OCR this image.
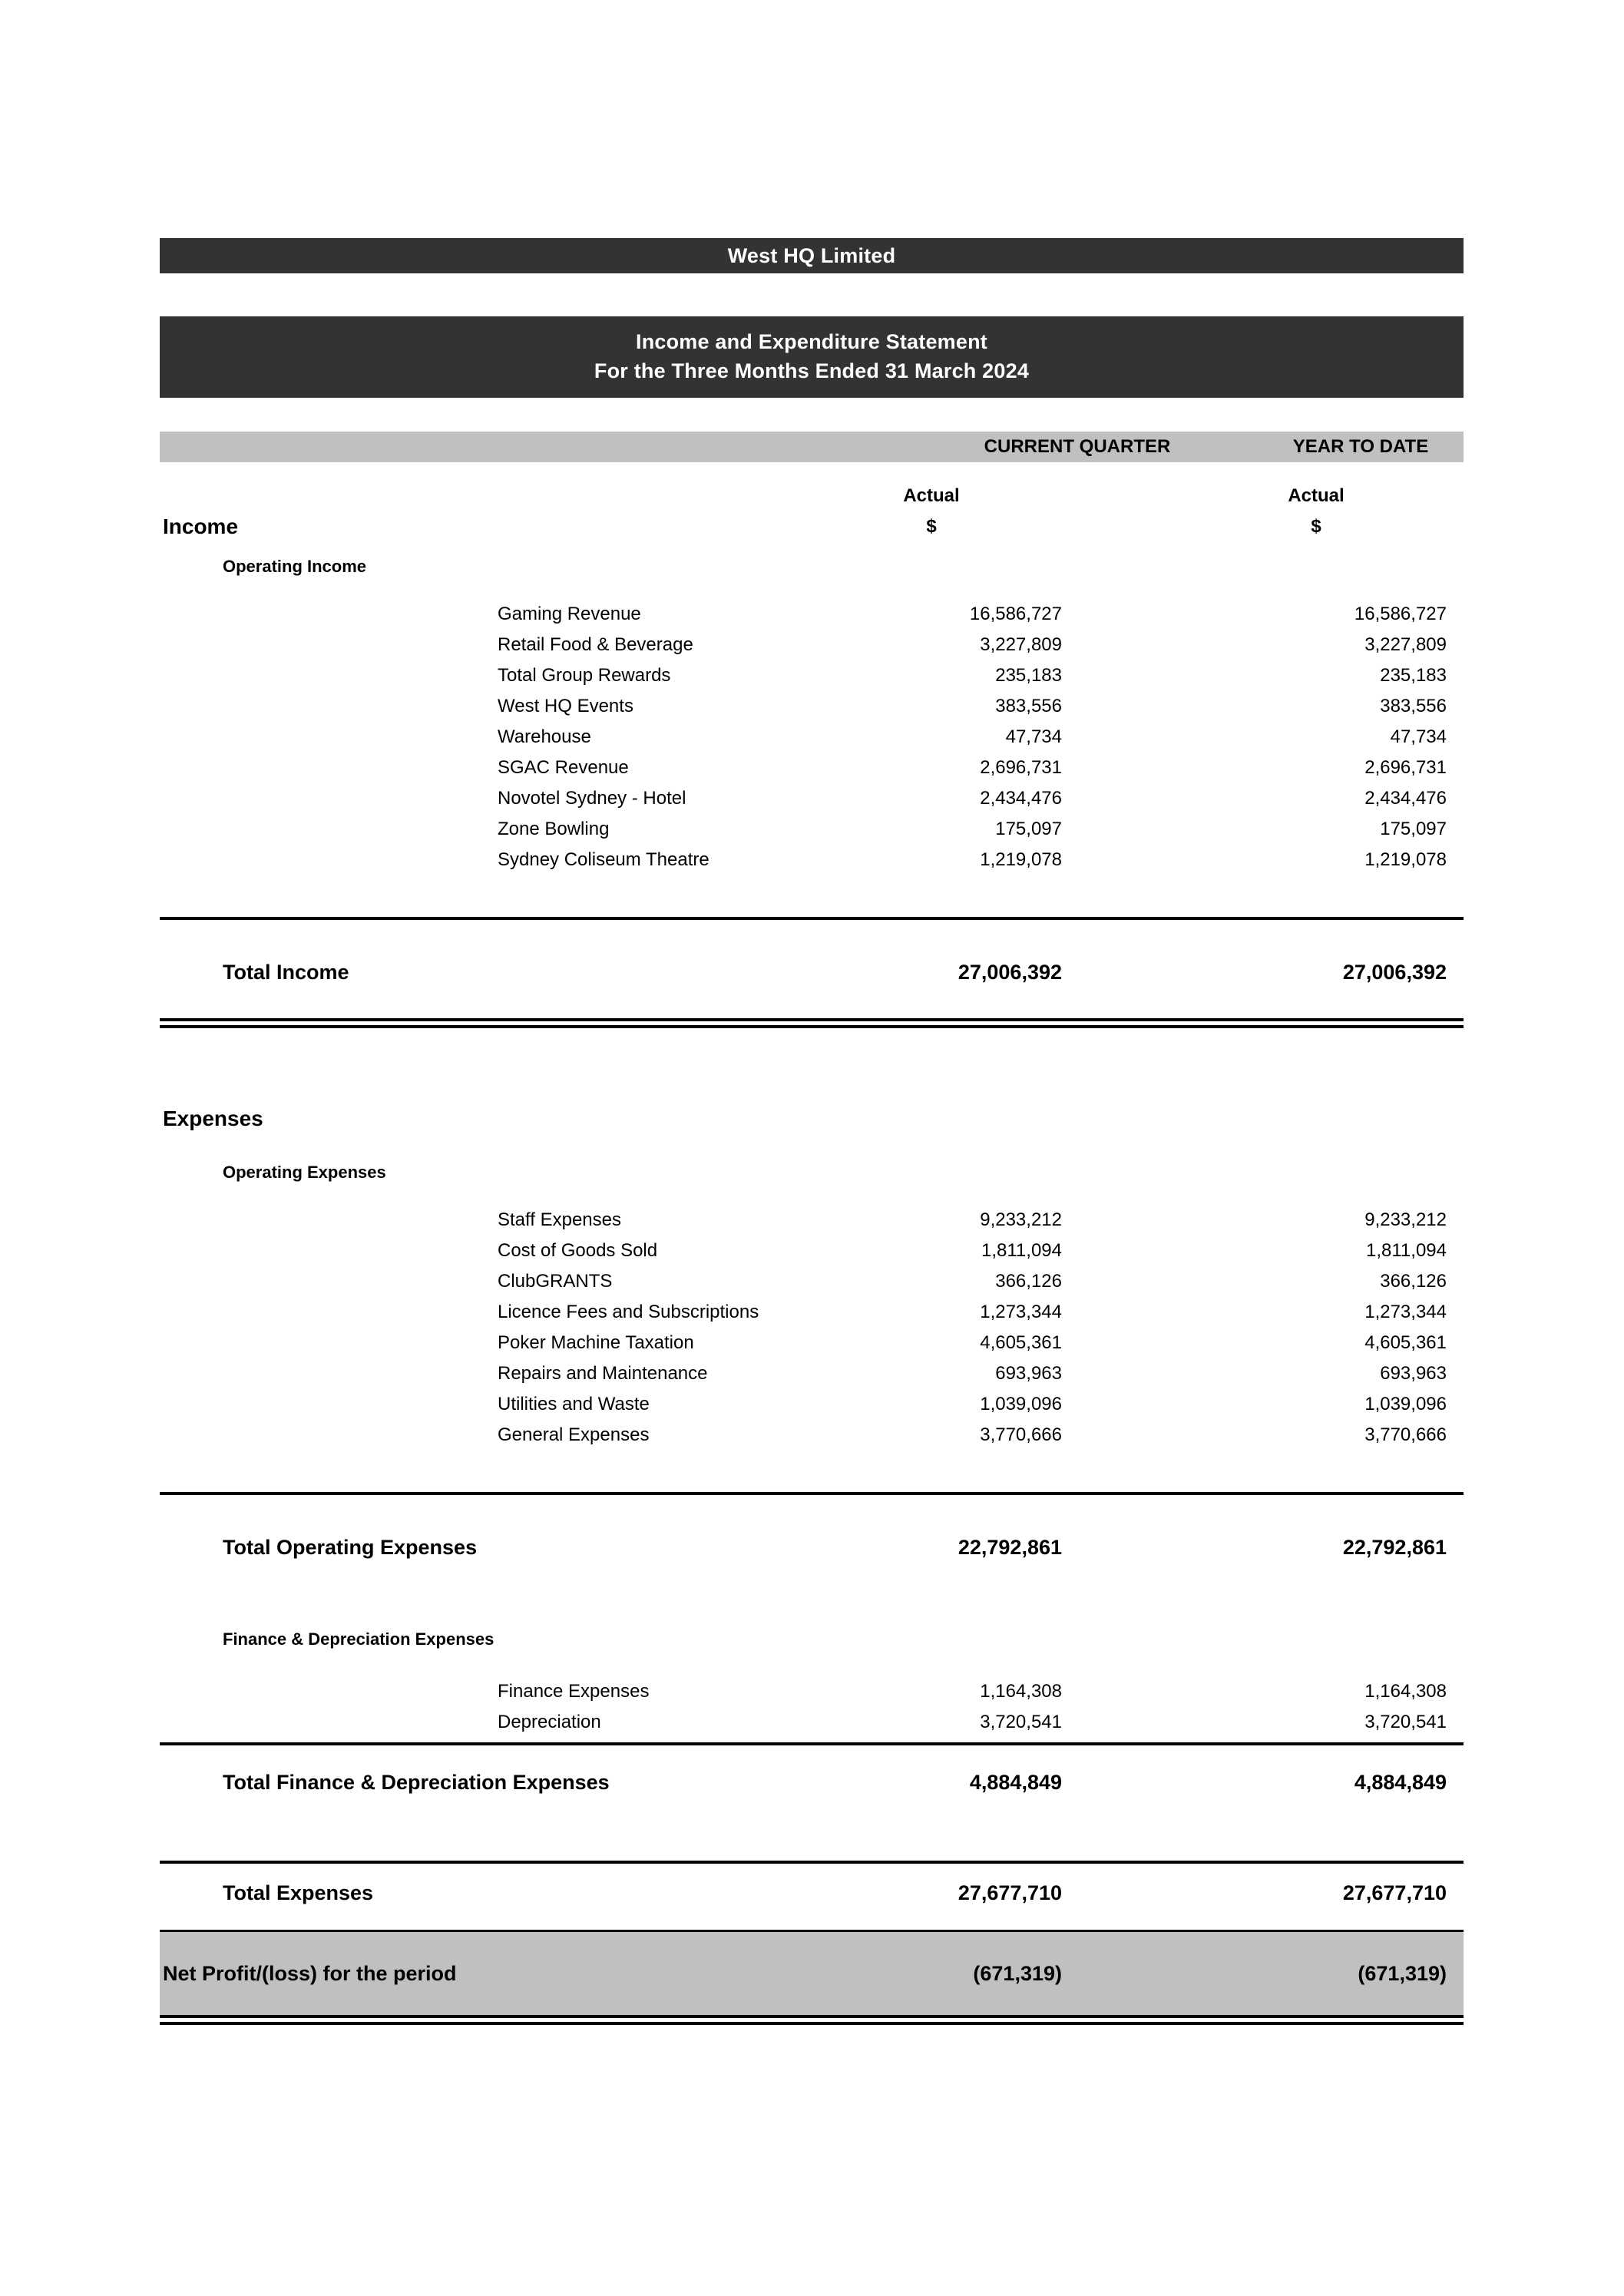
West HQ Limited
Income and Expenditure Statement
For the Three Months Ended 31 March 2024
CURRENT QUARTER	YEAR TO DATE
Actual	Actual
Income	$	$
Operating Income
Gaming Revenue	16,586,727	16,586,727
Retail Food & Beverage	3,227,809	3,227,809
Total Group Rewards	235,183	235,183
West HQ Events	383,556	383,556
Warehouse	47,734	47,734
SGAC Revenue	2,696,731	2,696,731
Novotel Sydney - Hotel	2,434,476	2,434,476
Zone Bowling	175,097	175,097
Sydney Coliseum Theatre	1,219,078	1,219,078
Total Income	27,006,392	27,006,392
Expenses
Operating Expenses
Staff Expenses	9,233,212	9,233,212
Cost of Goods Sold	1,811,094	1,811,094
ClubGRANTS	366,126	366,126
Licence Fees and Subscriptions	1,273,344	1,273,344
Poker Machine Taxation	4,605,361	4,605,361
Repairs and Maintenance	693,963	693,963
Utilities and Waste	1,039,096	1,039,096
General Expenses	3,770,666	3,770,666
Total Operating Expenses	22,792,861	22,792,861
Finance & Depreciation Expenses
Finance Expenses	1,164,308	1,164,308
Depreciation	3,720,541	3,720,541
Total Finance & Depreciation Expenses	4,884,849	4,884,849
Total Expenses	27,677,710	27,677,710
Net Profit/(loss) for the period	(671,319)	(671,319)
